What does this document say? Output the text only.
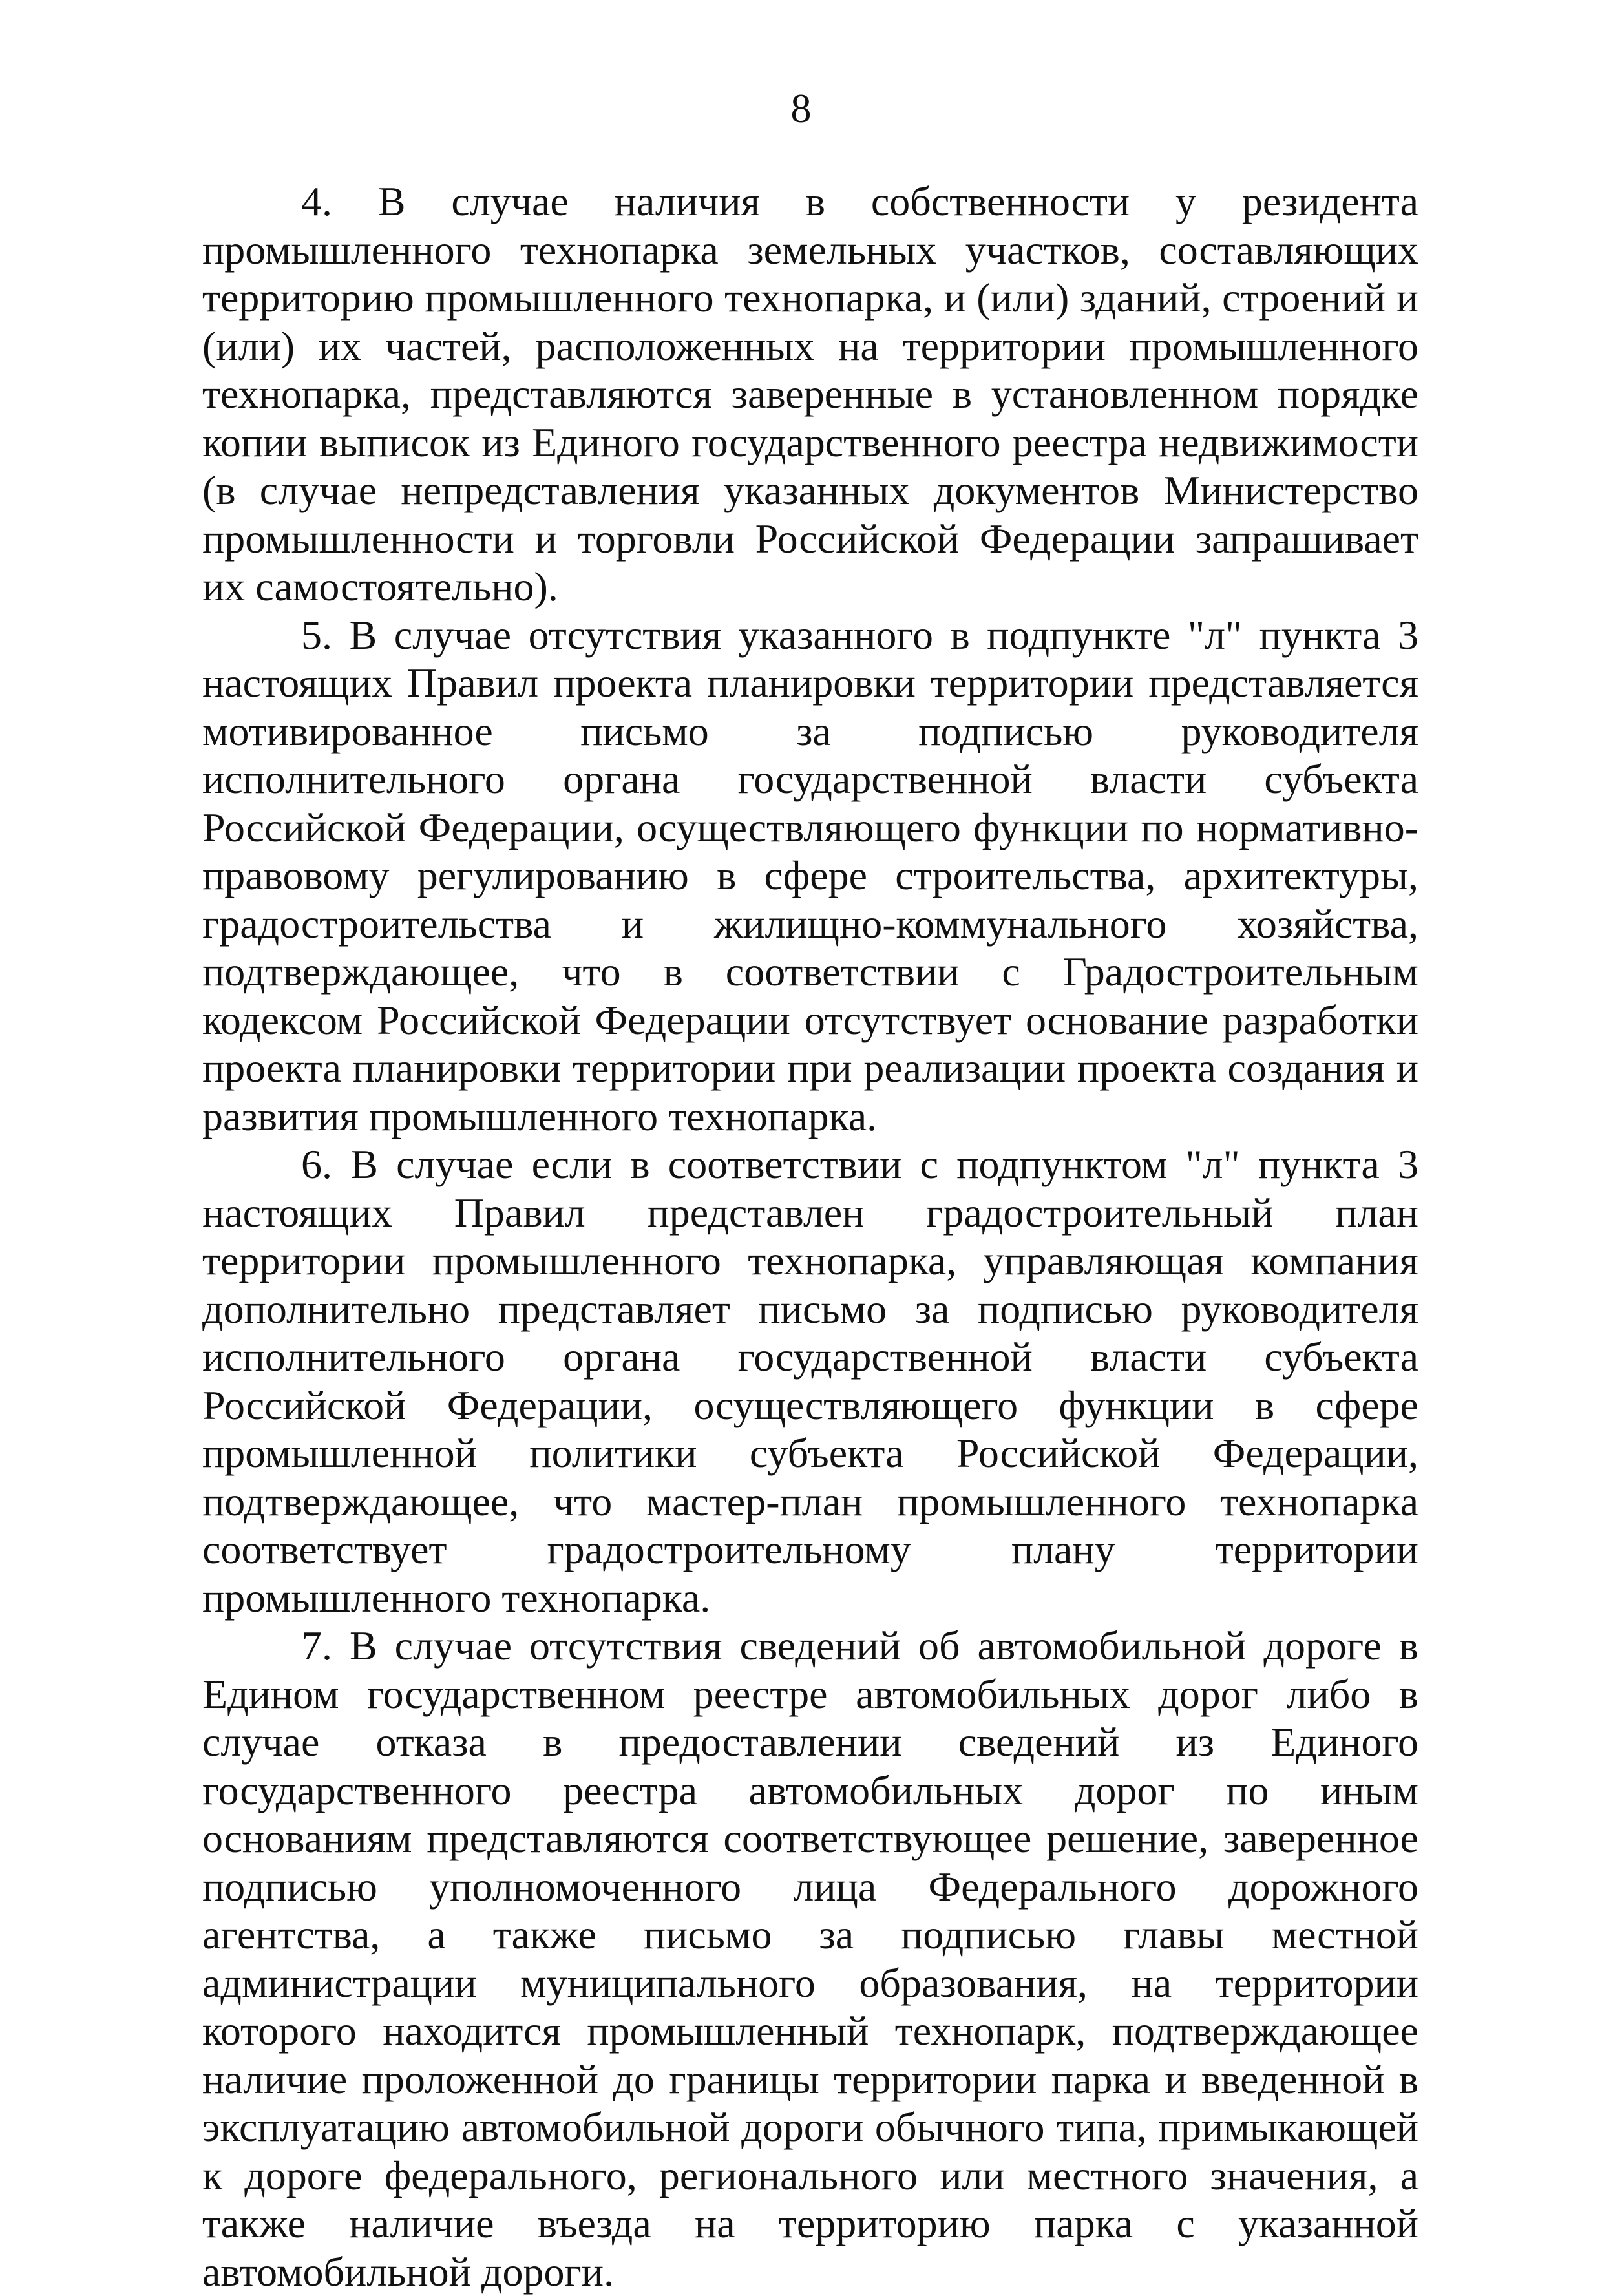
8

4. В случае наличия в собственности у резидента промышленного технопарка земельных участков, составляющих территорию промышленного технопарка, и (или) зданий, строений и (или) их частей, расположенных на территории промышленного технопарка, представляются заверенные в установленном порядке копии выписок из Единого государственного реестра недвижимости (в случае непредставления указанных документов Министерство промышленности и торговли Российской Федерации запрашивает их самостоятельно).

5. В случае отсутствия указанного в подпункте "л" пункта 3 настоящих Правил проекта планировки территории представляется мотивированное письмо за подписью руководителя исполнительного органа государственной власти субъекта Российской Федерации, осуществляющего функции по нормативно-правовому регулированию в сфере строительства, архитектуры, градостроительства и жилищно-коммунального хозяйства, подтверждающее, что в соответствии с Градостроительным кодексом Российской Федерации отсутствует основание разработки проекта планировки территории при реализации проекта создания и развития промышленного технопарка.

6. В случае если в соответствии с подпунктом "л" пункта 3 настоящих Правил представлен градостроительный план территории промышленного технопарка, управляющая компания дополнительно представляет письмо за подписью руководителя исполнительного органа государственной власти субъекта Российской Федерации, осуществляющего функции в сфере промышленной политики субъекта Российской Федерации, подтверждающее, что мастер-план промышленного технопарка соответствует градостроительному плану территории промышленного технопарка.

7. В случае отсутствия сведений об автомобильной дороге в Едином государственном реестре автомобильных дорог либо в случае отказа в предоставлении сведений из Единого государственного реестра автомобильных дорог по иным основаниям представляются соответствующее решение, заверенное подписью уполномоченного лица Федерального дорожного агентства, а также письмо за подписью главы местной администрации муниципального образования, на территории которого находится промышленный технопарк, подтверждающее наличие проложенной до границы территории парка и введенной в эксплуатацию автомобильной дороги обычного типа, примыкающей к дороге федерального, регионального или местного значения, а также наличие въезда на территорию парка с указанной автомобильной дороги.
